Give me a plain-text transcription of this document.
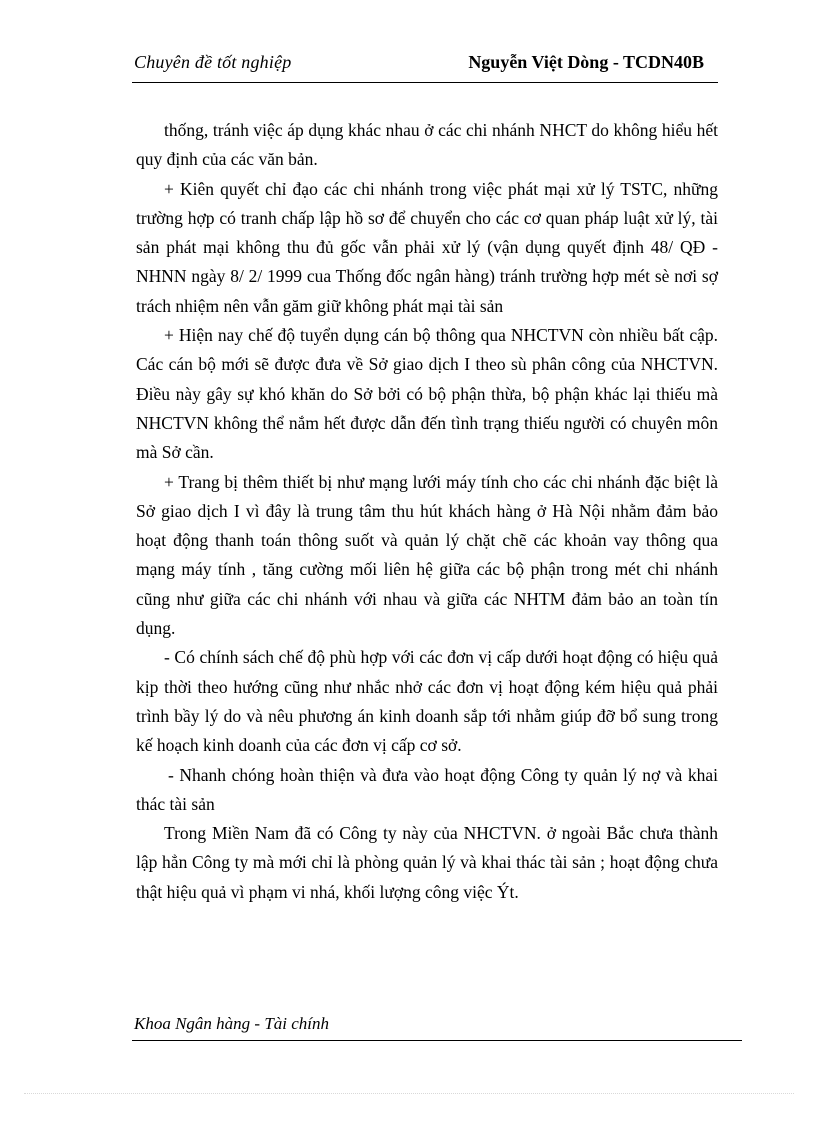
Chuyên đề tốt nghiệp	Nguyễn Việt Dòng - TCDN40B

thống, tránh việc áp dụng khác nhau ở các chi nhánh NHCT do không hiểu hết quy định của các văn bản.

+ Kiên quyết chỉ đạo các chi nhánh trong việc phát mại xử lý TSTC, những trường hợp có tranh chấp lập hồ sơ để chuyển cho các cơ quan pháp luật xử lý, tài sản phát mại không thu đủ gốc vẫn phải xử lý (vận dụng quyết định 48/ QĐ - NHNN ngày 8/ 2/ 1999 cua Thống đốc ngân hàng) tránh trường hợp mét sè nơi sợ trách nhiệm nên vẫn găm giữ không phát mại tài sản

+ Hiện nay chế độ tuyển dụng cán bộ thông qua NHCTVN còn nhiều bất cập. Các cán bộ mới sẽ được đưa về Sở giao dịch I theo sù phân công của NHCTVN. Điều này gây sự khó khăn do Sở bởi có bộ phận thừa, bộ phận khác lại thiếu mà NHCTVN không thể nắm hết được dẫn đến tình trạng thiếu người có chuyên môn mà Sở cần.

+ Trang bị thêm thiết bị như mạng lưới máy tính cho các chi nhánh đặc biệt là Sở giao dịch I vì đây là trung tâm thu hút khách hàng ở Hà Nội nhằm đảm bảo hoạt động thanh toán thông suốt và quản lý chặt chẽ các khoản vay thông qua mạng máy tính , tăng cường mối liên hệ giữa các bộ phận trong mét chi nhánh cũng như giữa các chi nhánh với nhau và giữa các NHTM đảm bảo an toàn tín dụng.

- Có chính sách chế độ phù hợp với các đơn vị cấp dưới hoạt động có hiệu quả kịp thời theo hướng cũng như nhắc nhở các đơn vị hoạt động kém hiệu quả phải trình bầy lý do và nêu phương án kinh doanh sắp tới nhằm giúp đỡ bổ sung trong kế hoạch kinh doanh của các đơn vị cấp cơ sở.

- Nhanh chóng hoàn thiện và đưa vào hoạt động Công ty quản lý nợ và khai thác tài sản

Trong Miền Nam đã có Công ty này của NHCTVN. ở ngoài Bắc chưa thành lập hẳn Công ty mà mới chỉ là phòng quản lý và khai thác tài sản ; hoạt động chưa thật hiệu quả vì phạm vi nhá, khối lượng công việc Ýt.

Khoa Ngân hàng - Tài chính
